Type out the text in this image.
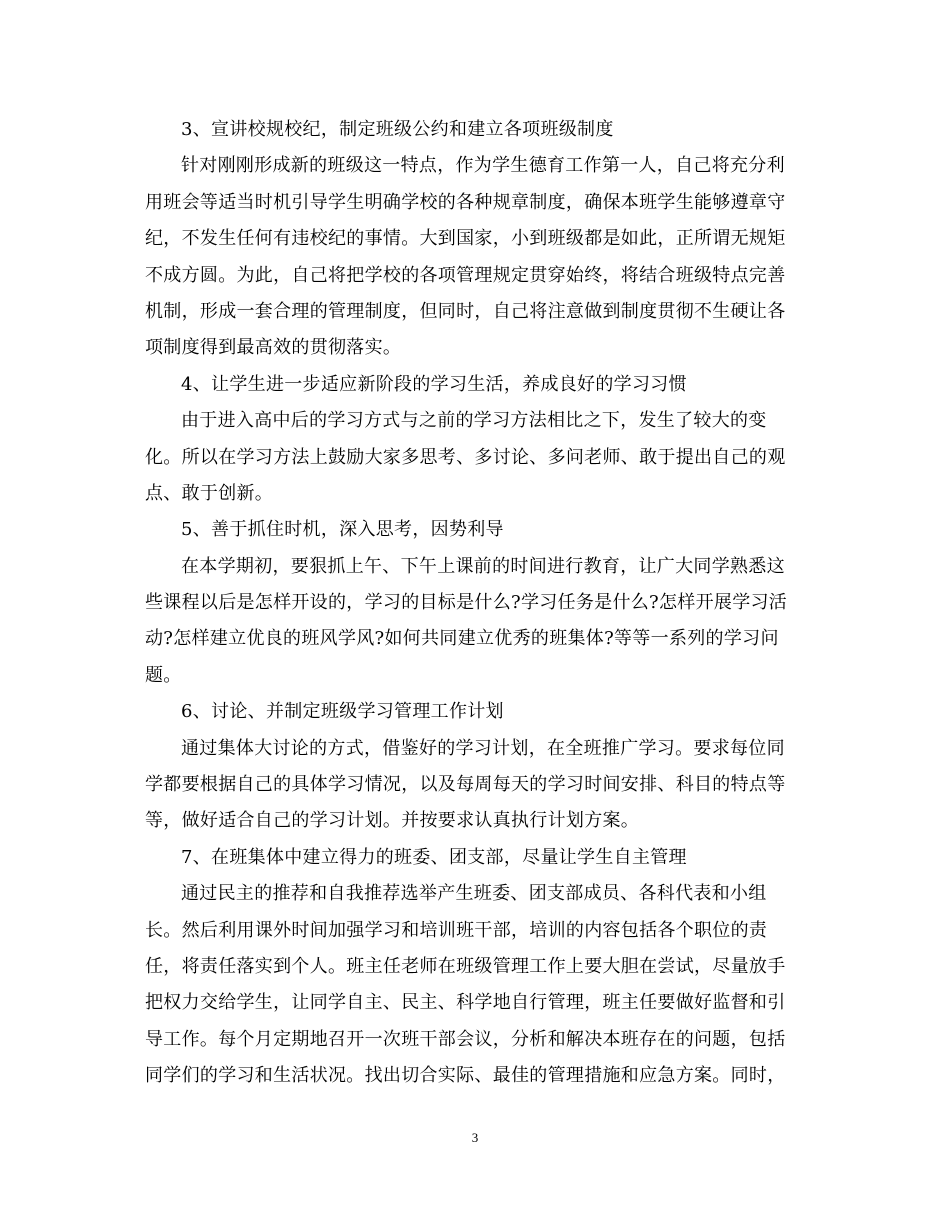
3、宣讲校规校纪，制定班级公约和建立各项班级制度
针对刚刚形成新的班级这一特点，作为学生德育工作第一人，自己将充分利
用班会等适当时机引导学生明确学校的各种规章制度，确保本班学生能够遵章守
纪，不发生任何有违校纪的事情。大到国家，小到班级都是如此，正所谓无规矩
不成方圆。为此，自己将把学校的各项管理规定贯穿始终，将结合班级特点完善
机制，形成一套合理的管理制度，但同时，自己将注意做到制度贯彻不生硬让各
项制度得到最高效的贯彻落实。
4、让学生进一步适应新阶段的学习生活，养成良好的学习习惯
由于进入高中后的学习方式与之前的学习方法相比之下，发生了较大的变
化。所以在学习方法上鼓励大家多思考、多讨论、多问老师、敢于提出自己的观
点、敢于创新。
5、善于抓住时机，深入思考，因势利导
在本学期初，要狠抓上午、下午上课前的时间进行教育，让广大同学熟悉这
些课程以后是怎样开设的，学习的目标是什么?学习任务是什么?怎样开展学习活
动?怎样建立优良的班风学风?如何共同建立优秀的班集体?等等一系列的学习问
题。
6、讨论、并制定班级学习管理工作计划
通过集体大讨论的方式，借鉴好的学习计划，在全班推广学习。要求每位同
学都要根据自己的具体学习情况，以及每周每天的学习时间安排、科目的特点等
等，做好适合自己的学习计划。并按要求认真执行计划方案。
7、在班集体中建立得力的班委、团支部，尽量让学生自主管理
通过民主的推荐和自我推荐选举产生班委、团支部成员、各科代表和小组
长。然后利用课外时间加强学习和培训班干部，培训的内容包括各个职位的责
任，将责任落实到个人。班主任老师在班级管理工作上要大胆在尝试，尽量放手
把权力交给学生，让同学自主、民主、科学地自行管理，班主任要做好监督和引
导工作。每个月定期地召开一次班干部会议，分析和解决本班存在的问题，包括
同学们的学习和生活状况。找出切合实际、最佳的管理措施和应急方案。同时，
3
